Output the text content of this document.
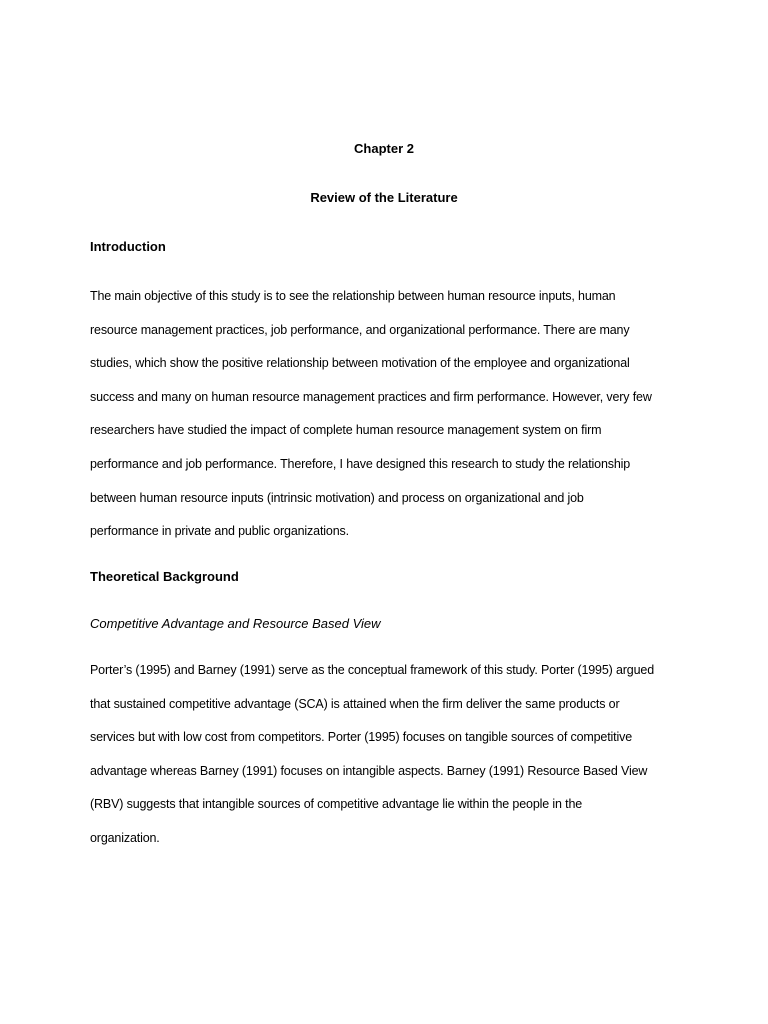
Chapter 2
Review of the Literature
Introduction
The main objective of this study is to see the relationship between human resource inputs, human
resource management practices, job performance, and organizational performance. There are many
studies, which show the positive relationship between motivation of the employee and organizational
success and many on human resource management practices and firm performance. However, very few
researchers have studied the impact of complete human resource management system on firm
performance and job performance. Therefore, I have designed this research to study the relationship
between human resource inputs (intrinsic motivation) and process on organizational and job
performance in private and public organizations.
Theoretical Background
Competitive Advantage and Resource Based View
Porter’s (1995) and Barney (1991) serve as the conceptual framework of this study. Porter (1995) argued
that sustained competitive advantage (SCA) is attained when the firm deliver the same products or
services but with low cost from competitors. Porter (1995) focuses on tangible sources of competitive
advantage whereas Barney (1991) focuses on intangible aspects. Barney (1991) Resource Based View
(RBV) suggests that intangible sources of competitive advantage lie within the people in the
organization.
